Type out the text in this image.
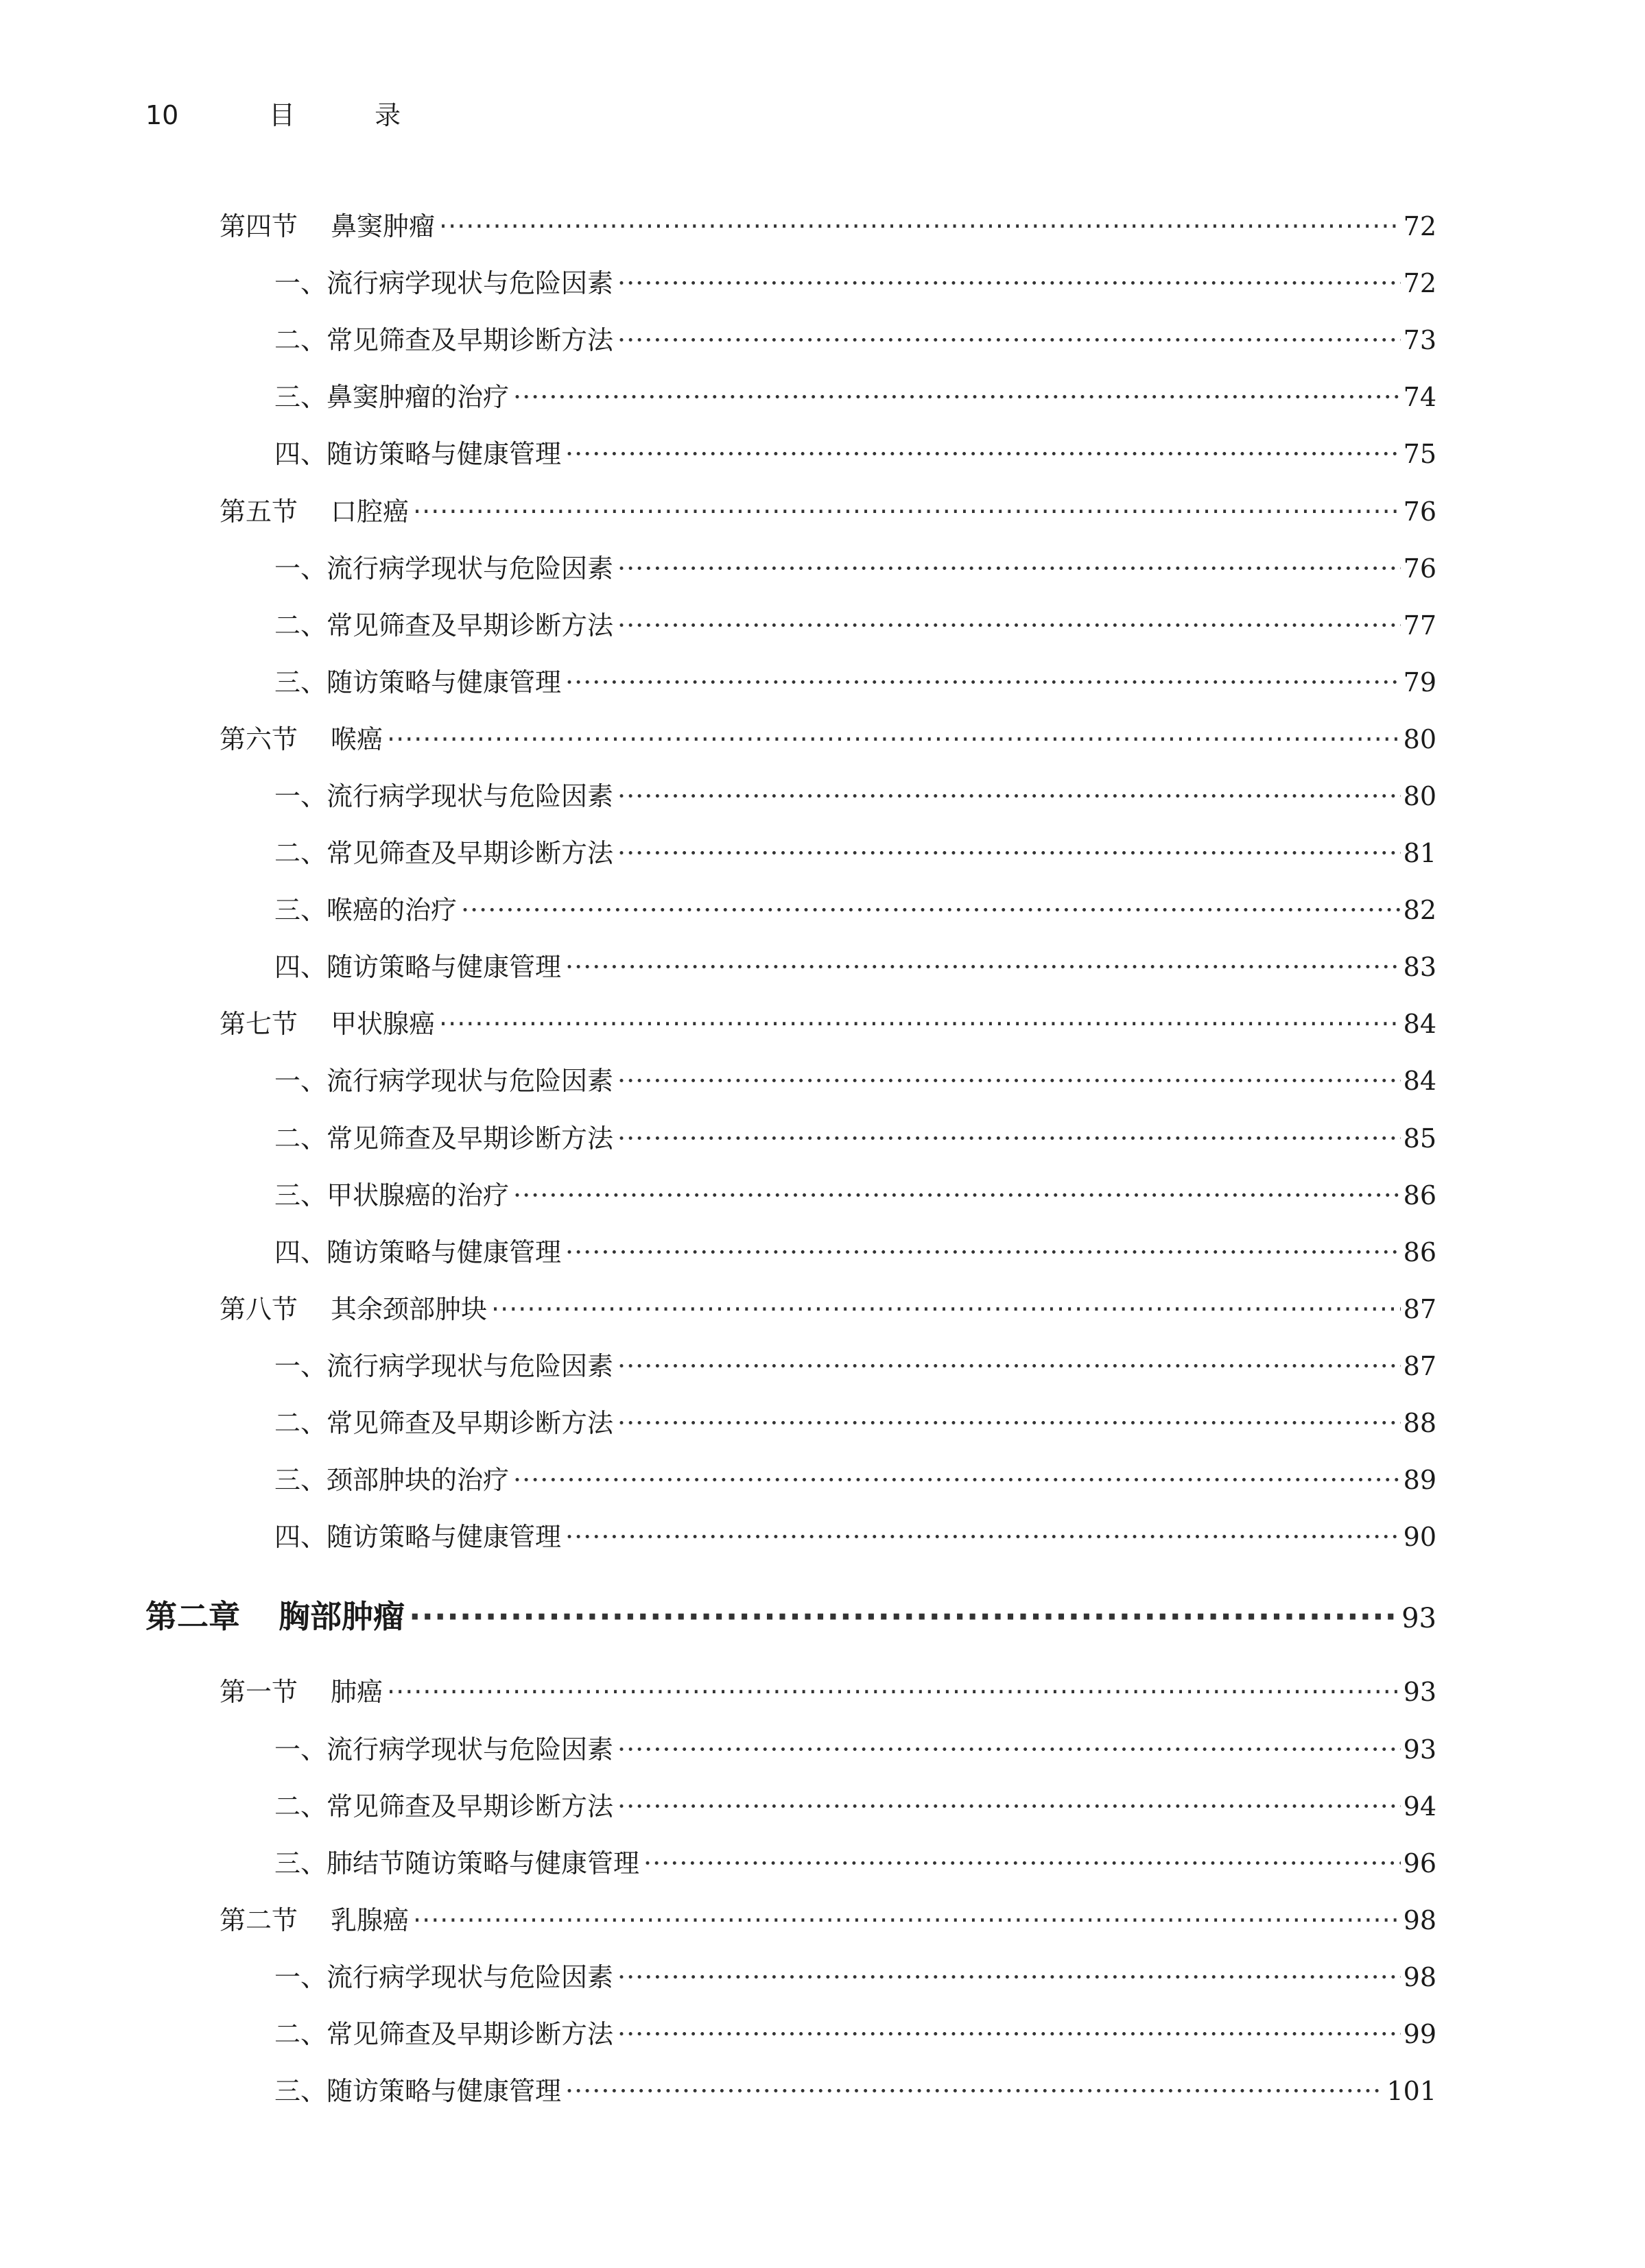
10	目 录
第四节 鼻窦肿瘤 ·····	72
一、流行病学现状与危险因素 ·····	72
二、常见筛查及早期诊断方法 ·····	73
三、鼻窦肿瘤的治疗 ·····	74
四、随访策略与健康管理 ·····	75
第五节 口腔癌 ·····	76
一、流行病学现状与危险因素 ·····	76
二、常见筛查及早期诊断方法 ·····	77
三、随访策略与健康管理 ·····	79
第六节 喉癌 ·····	80
一、流行病学现状与危险因素 ·····	80
二、常见筛查及早期诊断方法 ·····	81
三、喉癌的治疗 ·····	82
四、随访策略与健康管理 ·····	83
第七节 甲状腺癌 ·····	84
一、流行病学现状与危险因素 ·····	84
二、常见筛查及早期诊断方法 ·····	85
三、甲状腺癌的治疗 ·····	86
四、随访策略与健康管理 ·····	86
第八节 其余颈部肿块 ·····	87
一、流行病学现状与危险因素 ·····	87
二、常见筛查及早期诊断方法 ·····	88
三、颈部肿块的治疗 ·····	89
四、随访策略与健康管理 ·····	90
第二章 胸部肿瘤 ·····	93
第一节 肺癌 ·····	93
一、流行病学现状与危险因素 ·····	93
二、常见筛查及早期诊断方法 ·····	94
三、肺结节随访策略与健康管理 ·····	96
第二节 乳腺癌 ·····	98
一、流行病学现状与危险因素 ·····	98
二、常见筛查及早期诊断方法 ·····	99
三、随访策略与健康管理 ·····	101
